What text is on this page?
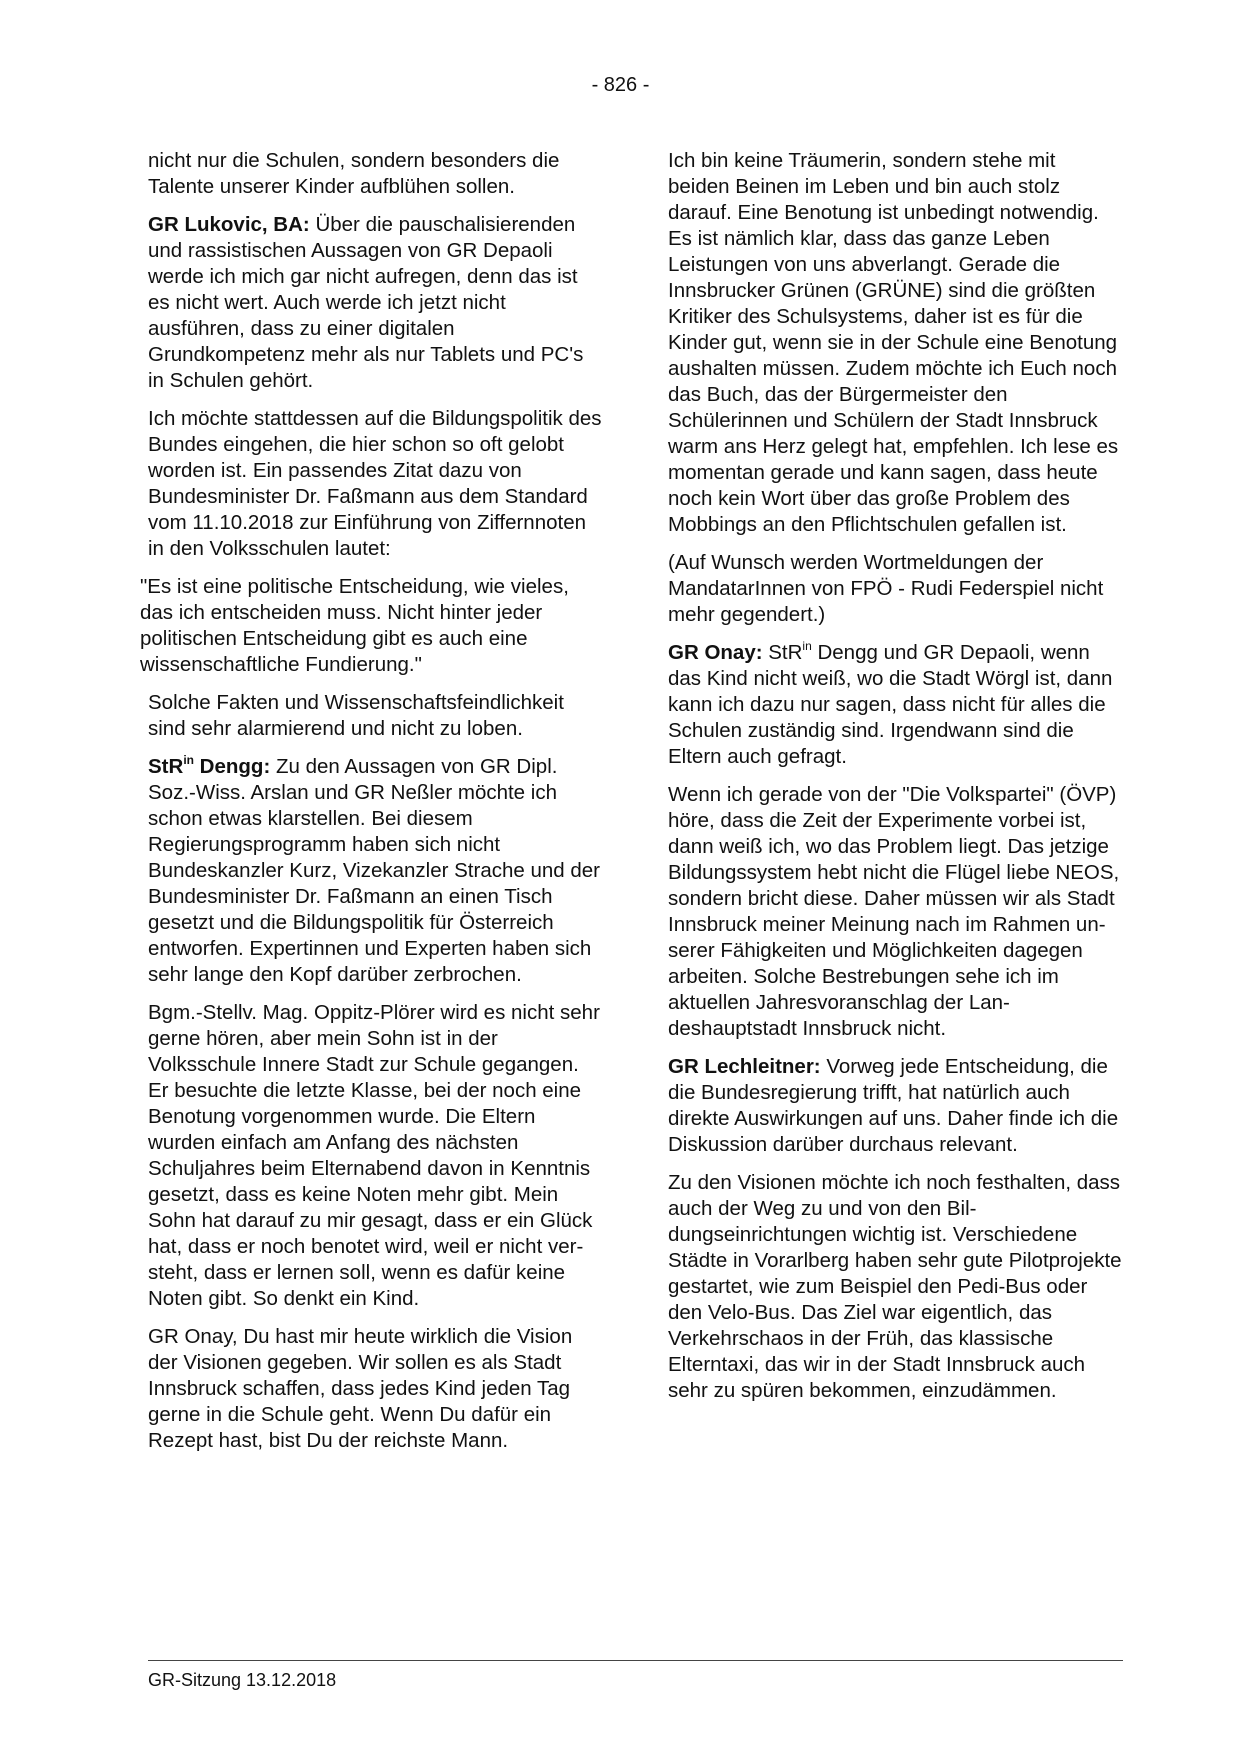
- 826 -

nicht nur die Schulen, sondern besonders die Talente unserer Kinder aufblühen sollen.

GR Lukovic, BA: Über die pauschalisierenden und rassistischen Aussagen von GR Depaoli werde ich mich gar nicht aufregen, denn das ist es nicht wert. Auch werde ich jetzt nicht ausführen, dass zu einer digitalen Grundkompetenz mehr als nur Tablets und PC's in Schulen gehört.

Ich möchte stattdessen auf die Bildungspolitik des Bundes eingehen, die hier schon so oft gelobt worden ist. Ein passendes Zitat dazu von Bundesminister Dr. Faßmann aus dem Standard vom 11.10.2018 zur Einführung von Ziffernnoten in den Volksschulen lautet:

"Es ist eine politische Entscheidung, wie vieles, das ich entscheiden muss. Nicht hinter jeder politischen Entscheidung gibt es auch eine wissenschaftliche Fundierung."

Solche Fakten und Wissenschaftsfeindlichkeit sind sehr alarmierend und nicht zu loben.

StR$^{in}$ Dengg: Zu den Aussagen von GR Dipl. Soz.-Wiss. Arslan und GR Neßler möchte ich schon etwas klarstellen. Bei diesem Regierungsprogramm haben sich nicht Bundeskanzler Kurz, Vizekanzler Strache und der Bundesminister Dr. Faßmann an einen Tisch gesetzt und die Bildungspolitik für Österreich entworfen. Expertinnen und Experten haben sich sehr lange den Kopf darüber zerbrochen.

Bgm.-Stellv. Mag. Oppitz-Plörer wird es nicht sehr gerne hören, aber mein Sohn ist in der Volksschule Innere Stadt zur Schule gegangen. Er besuchte die letzte Klasse, bei der noch eine Benotung vorgenommen wurde. Die Eltern wurden einfach am Anfang des nächsten Schuljahres beim Elternabend davon in Kenntnis gesetzt, dass es keine Noten mehr gibt. Mein Sohn hat darauf zu mir gesagt, dass er ein Glück hat, dass er noch benotet wird, weil er nicht versteht, dass er lernen soll, wenn es dafür keine Noten gibt. So denkt ein Kind.

GR Onay, Du hast mir heute wirklich die Vision der Visionen gegeben. Wir sollen es als Stadt Innsbruck schaffen, dass jedes Kind jeden Tag gerne in die Schule geht. Wenn Du dafür ein Rezept hast, bist Du der reichste Mann.

Ich bin keine Träumerin, sondern stehe mit beiden Beinen im Leben und bin auch stolz darauf. Eine Benotung ist unbedingt notwendig. Es ist nämlich klar, dass das ganze Leben Leistungen von uns abverlangt. Gerade die Innsbrucker Grünen (GRÜNE) sind die größten Kritiker des Schulsystems, daher ist es für die Kinder gut, wenn sie in der Schule eine Benotung aushalten müssen. Zudem möchte ich Euch noch das Buch, das der Bürgermeister den Schülerinnen und Schülern der Stadt Innsbruck warm ans Herz gelegt hat, empfehlen. Ich lese es momentan gerade und kann sagen, dass heute noch kein Wort über das große Problem des Mobbings an den Pflichtschulen gefallen ist.

(Auf Wunsch werden Wortmeldungen der MandatarInnen von FPÖ - Rudi Federspiel nicht mehr gegendert.)

GR Onay: StR$^{in}$ Dengg und GR Depaoli, wenn das Kind nicht weiß, wo die Stadt Wörgl ist, dann kann ich dazu nur sagen, dass nicht für alles die Schulen zuständig sind. Irgendwann sind die Eltern auch gefragt.

Wenn ich gerade von der "Die Volkspartei" (ÖVP) höre, dass die Zeit der Experimente vorbei ist, dann weiß ich, wo das Problem liegt. Das jetzige Bildungssystem hebt nicht die Flügel liebe NEOS, sondern bricht diese. Daher müssen wir als Stadt Innsbruck meiner Meinung nach im Rahmen unserer Fähigkeiten und Möglichkeiten dagegen arbeiten. Solche Bestrebungen sehe ich im aktuellen Jahresvoranschlag der Landeshauptstadt Innsbruck nicht.

GR Lechleitner: Vorweg jede Entscheidung, die die Bundesregierung trifft, hat natürlich auch direkte Auswirkungen auf uns. Daher finde ich die Diskussion darüber durchaus relevant.

Zu den Visionen möchte ich noch festhalten, dass auch der Weg zu und von den Bildungseinrichtungen wichtig ist. Verschiedene Städte in Vorarlberg haben sehr gute Pilotprojekte gestartet, wie zum Beispiel den Pedi-Bus oder den Velo-Bus. Das Ziel war eigentlich, das Verkehrschaos in der Früh, das klassische Elterntaxi, das wir in der Stadt Innsbruck auch sehr zu spüren bekommen, einzudämmen.

GR-Sitzung 13.12.2018
